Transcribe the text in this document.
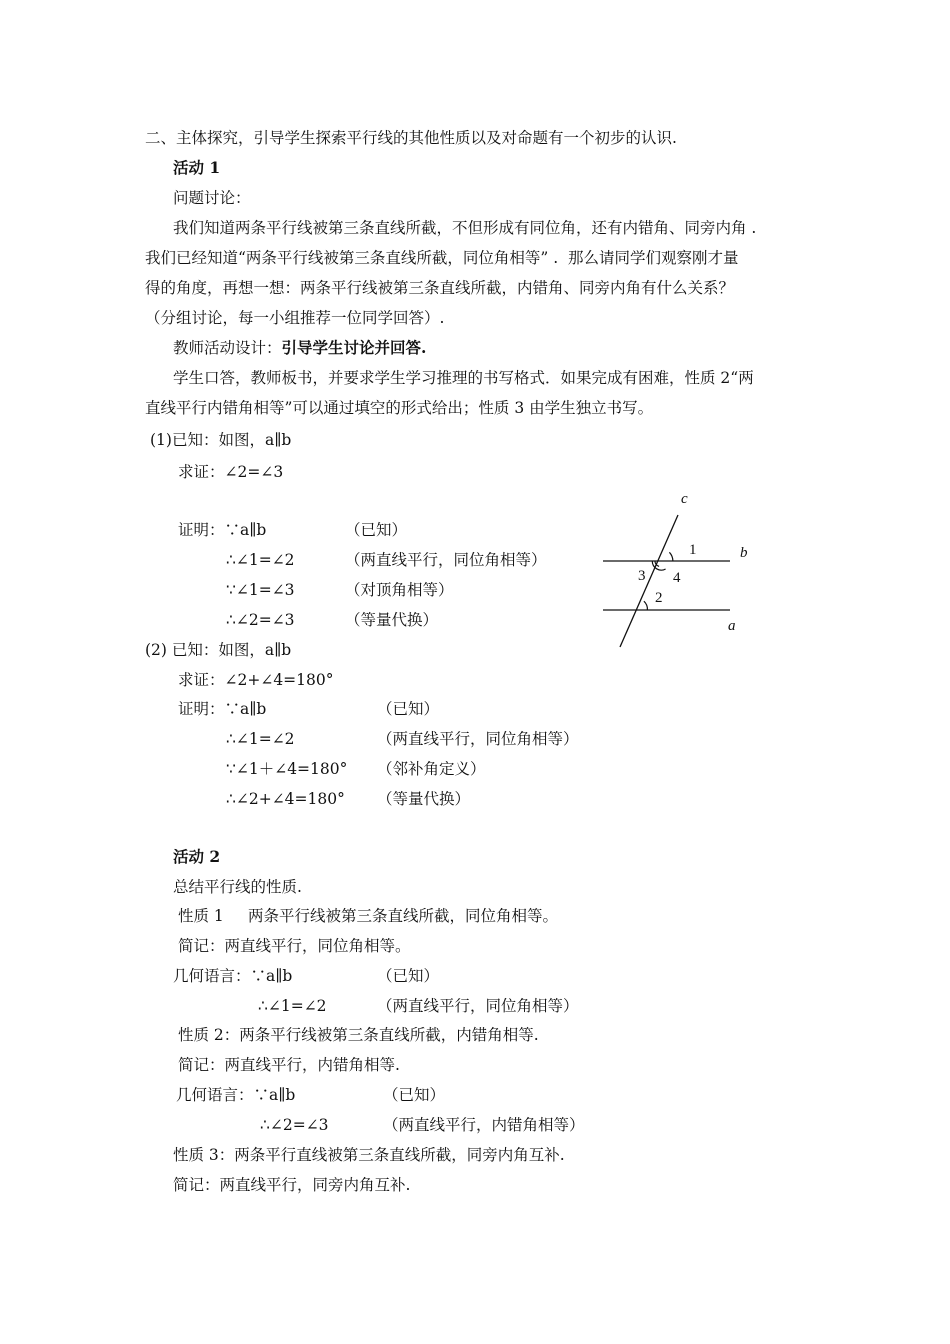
二、主体探究，引导学生探索平行线的其他性质以及对命题有一个初步的认识.
活动 1
问题讨论：
我们知道两条平行线被第三条直线所截，不但形成有同位角，还有内错角、同旁内角 .
我们已经知道“两条平行线被第三条直线所截，同位角相等” .  那么请同学们观察刚才量
得的角度，再想一想：两条平行线被第三条直线所截，内错角、同旁内角有什么关系？
（分组讨论，每一小组推荐一位同学回答）.
教师活动设计：引导学生讨论并回答.
学生口答，教师板书，并要求学生学习推理的书写格式．如果完成有困难，性质 2“两
直线平行内错角相等”可以通过填空的形式给出；性质 3 由学生独立书写。
(1)已知：如图，a∥b
求证：∠2=∠3
证明：∵a∥b	（已知）
∴∠1=∠2	（两直线平行，同位角相等）
∵∠1=∠3	（对顶角相等）
∴∠2=∠3	（等量代换）
c
b
a
1
3 4
2
(2) 已知：如图，a∥b
求证：∠2+∠4=180°
证明：∵a∥b	（已知）
∴∠1=∠2	（两直线平行，同位角相等）
∵∠1＋∠4=180° （邻补角定义）
∴∠2+∠4=180° （等量代换）
活动 2
总结平行线的性质.
性质 1 两条平行线被第三条直线所截，同位角相等。
简记：两直线平行，同位角相等。
几何语言：∵a∥b	（已知）
∴∠1=∠2	（两直线平行，同位角相等）
性质 2：两条平行线被第三条直线所截，内错角相等.
简记：两直线平行，内错角相等.
几何语言：∵a∥b	（已知）
∴∠2=∠3	（两直线平行，内错角相等）
性质 3：两条平行直线被第三条直线所截，同旁内角互补.
简记：两直线平行，同旁内角互补.
